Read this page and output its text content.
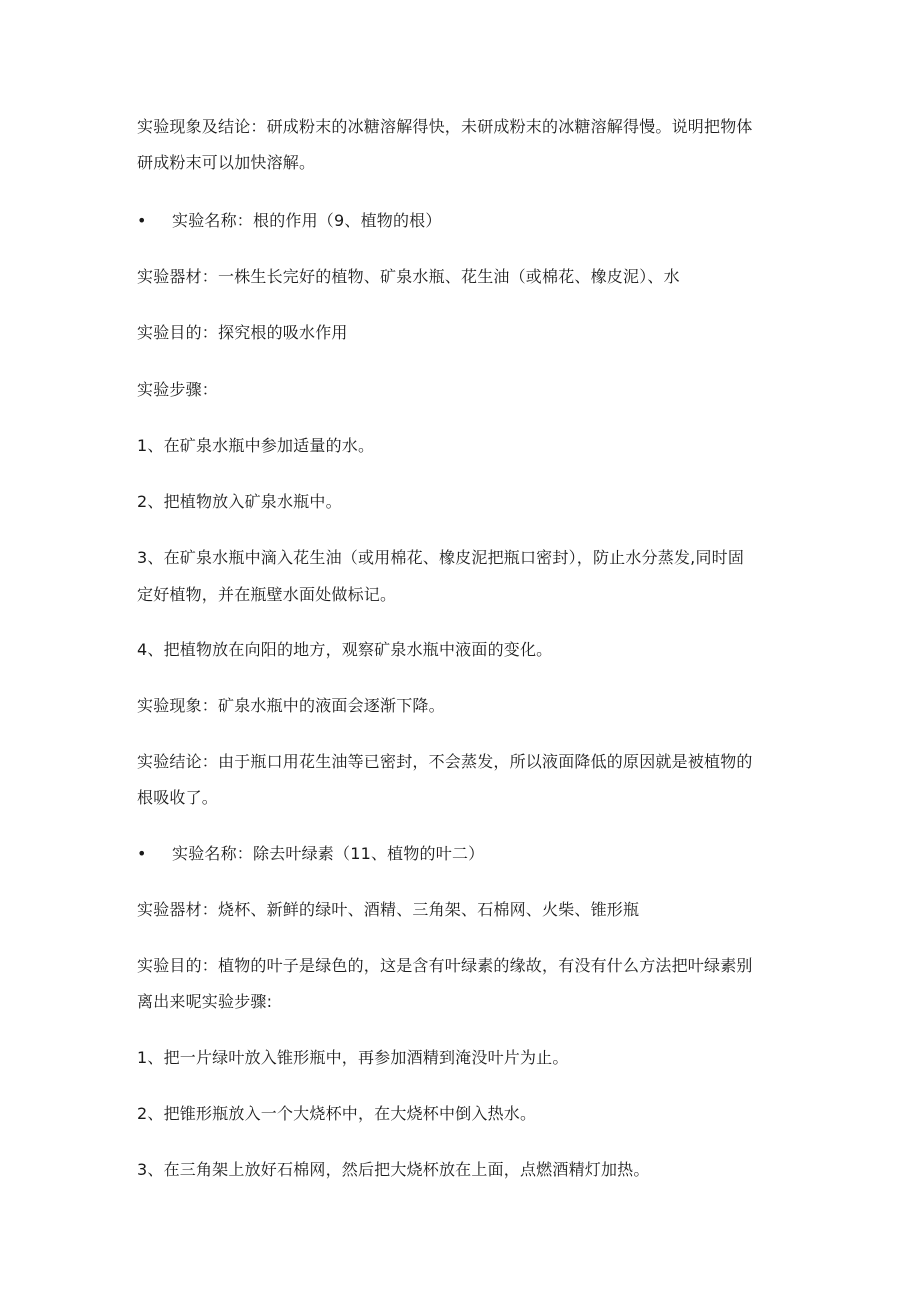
实验现象及结论：研成粉末的冰糖溶解得快，未研成粉末的冰糖溶解得慢。说明把物体
研成粉末可以加快溶解。
•	实验名称：根的作用（9、植物的根）
实验器材：一株生长完好的植物、矿泉水瓶、花生油（或棉花、橡皮泥）、水
实验目的：探究根的吸水作用
实验步骤：
1、在矿泉水瓶中参加适量的水。
2、把植物放入矿泉水瓶中。
3、在矿泉水瓶中滴入花生油（或用棉花、橡皮泥把瓶口密封），防止水分蒸发,同时固
定好植物，并在瓶壁水面处做标记。
4、把植物放在向阳的地方，观察矿泉水瓶中液面的变化。
实验现象：矿泉水瓶中的液面会逐渐下降。
实验结论：由于瓶口用花生油等已密封，不会蒸发，所以液面降低的原因就是被植物的
根吸收了。
•	实验名称：除去叶绿素（11、植物的叶二）
实验器材：烧杯、新鲜的绿叶、酒精、三角架、石棉网、火柴、锥形瓶
实验目的：植物的叶子是绿色的，这是含有叶绿素的缘故，有没有什么方法把叶绿素别
离出来呢实验步骤:
1、把一片绿叶放入锥形瓶中，再参加酒精到淹没叶片为止。
2、把锥形瓶放入一个大烧杯中，在大烧杯中倒入热水。
3、在三角架上放好石棉网，然后把大烧杯放在上面，点燃酒精灯加热。
